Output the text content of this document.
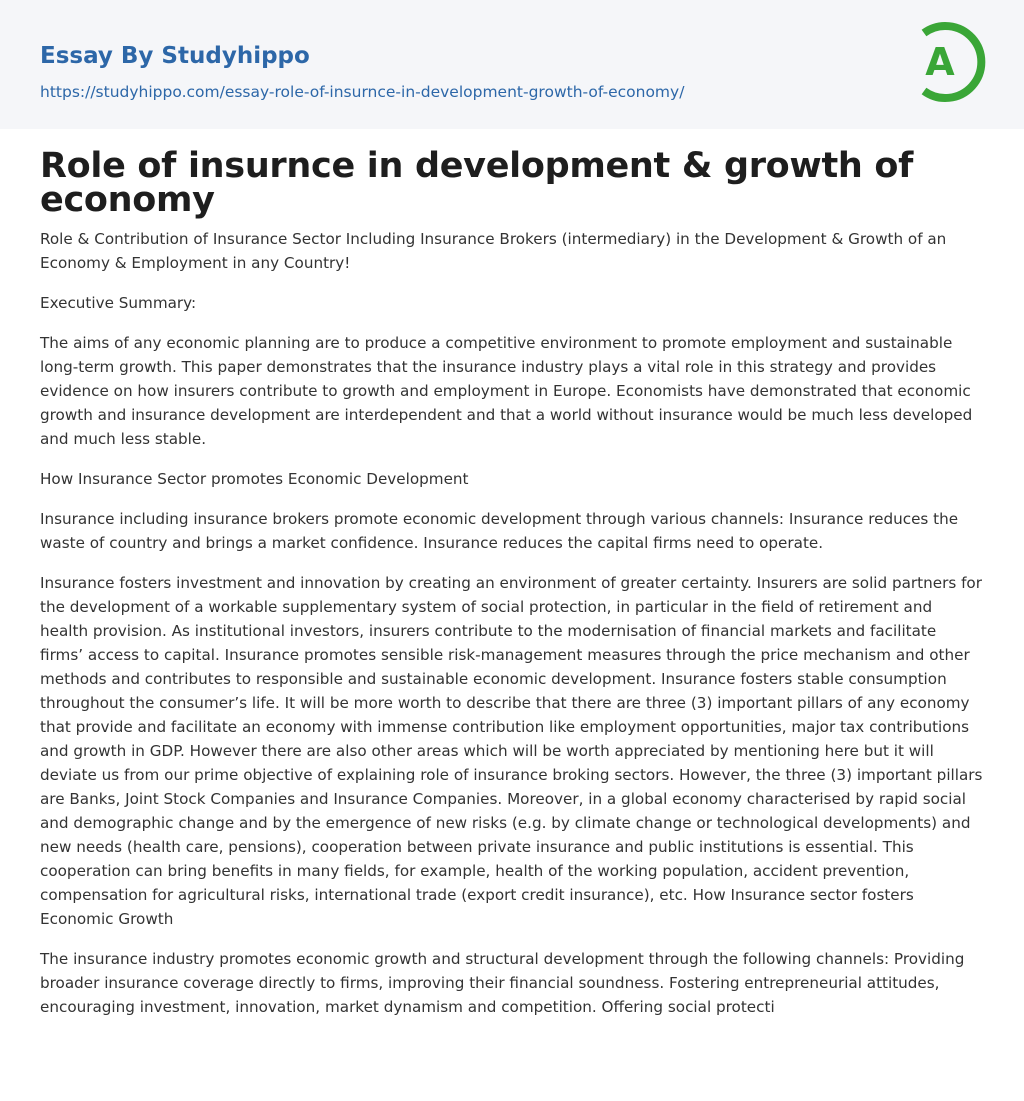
Essay By Studyhippo
https://studyhippo.com/essay-role-of-insurnce-in-development-growth-of-economy/
A
Role of insurnce in development & growth of economy

Role & Contribution of Insurance Sector Including Insurance Brokers (intermediary) in the Development & Growth of an Economy & Employment in any Country!

Executive Summary:

The aims of any economic planning are to produce a competitive environment to promote employment and sustainable long-term growth. This paper demonstrates that the insurance industry plays a vital role in this strategy and provides evidence on how insurers contribute to growth and employment in Europe. Economists have demonstrated that economic growth and insurance development are interdependent and that a world without insurance would be much less developed and much less stable.

How Insurance Sector promotes Economic Development

Insurance including insurance brokers promote economic development through various channels: Insurance reduces the waste of country and brings a market confidence. Insurance reduces the capital firms need to operate.

Insurance fosters investment and innovation by creating an environment of greater certainty. Insurers are solid partners for the development of a workable supplementary system of social protection, in particular in the field of retirement and health provision. As institutional investors, insurers contribute to the modernisation of financial markets and facilitate firms’ access to capital. Insurance promotes sensible risk-management measures through the price mechanism and other methods and contributes to responsible and sustainable economic development. Insurance fosters stable consumption throughout the consumer’s life. It will be more worth to describe that there are three (3) important pillars of any economy that provide and facilitate an economy with immense contribution like employment opportunities, major tax contributions and growth in GDP. However there are also other areas which will be worth appreciated by mentioning here but it will deviate us from our prime objective of explaining role of insurance broking sectors. However, the three (3) important pillars are Banks, Joint Stock Companies and Insurance Companies. Moreover, in a global economy characterised by rapid social and demographic change and by the emergence of new risks (e.g. by climate change or technological developments) and new needs (health care, pensions), cooperation between private insurance and public institutions is essential. This cooperation can bring benefits in many fields, for example, health of the working population, accident prevention, compensation for agricultural risks, international trade (export credit insurance), etc. How Insurance sector fosters Economic Growth

The insurance industry promotes economic growth and structural development through the following channels: Providing broader insurance coverage directly to firms, improving their financial soundness. Fostering entrepreneurial attitudes, encouraging investment, innovation, market dynamism and competition. Offering social protecti
